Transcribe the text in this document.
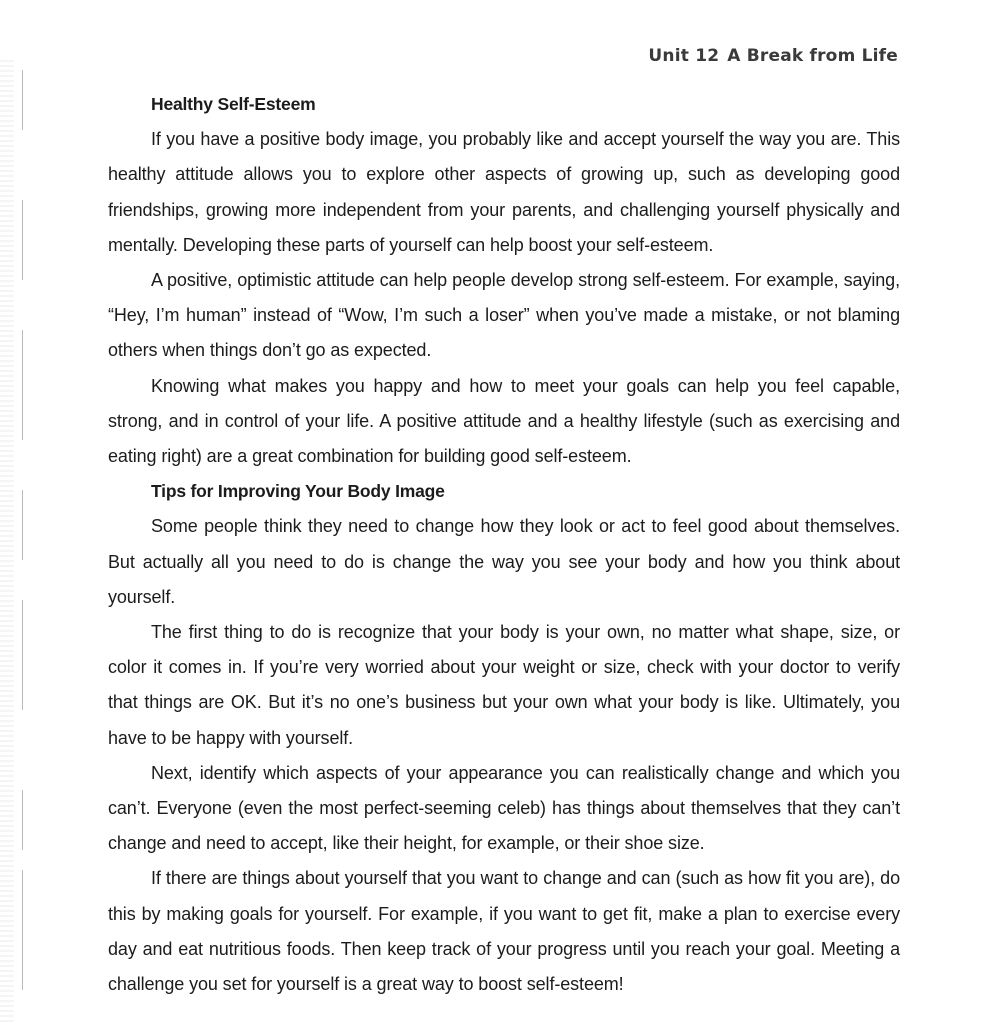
Unit 12 A Break from Life

Healthy Self-Esteem

If you have a positive body image, you probably like and accept yourself the way you are. This healthy attitude allows you to explore other aspects of growing up, such as developing good friendships, growing more independent from your parents, and challenging yourself physically and mentally. Developing these parts of yourself can help boost your self-esteem.

A positive, optimistic attitude can help people develop strong self-esteem. For example, saying, “Hey, I’m human” instead of “Wow, I’m such a loser” when you’ve made a mistake, or not blaming others when things don’t go as expected.

Knowing what makes you happy and how to meet your goals can help you feel capable, strong, and in control of your life. A positive attitude and a healthy lifestyle (such as exercising and eating right) are a great combination for building good self-esteem.

Tips for Improving Your Body Image

Some people think they need to change how they look or act to feel good about themselves. But actually all you need to do is change the way you see your body and how you think about yourself.

The first thing to do is recognize that your body is your own, no matter what shape, size, or color it comes in. If you’re very worried about your weight or size, check with your doctor to verify that things are OK. But it’s no one’s business but your own what your body is like. Ultimately, you have to be happy with yourself.

Next, identify which aspects of your appearance you can realistically change and which you can’t. Everyone (even the most perfect-seeming celeb) has things about themselves that they can’t change and need to accept, like their height, for example, or their shoe size.

If there are things about yourself that you want to change and can (such as how fit you are), do this by making goals for yourself. For example, if you want to get fit, make a plan to exercise every day and eat nutritious foods. Then keep track of your progress until you reach your goal. Meeting a challenge you set for yourself is a great way to boost self-esteem!
